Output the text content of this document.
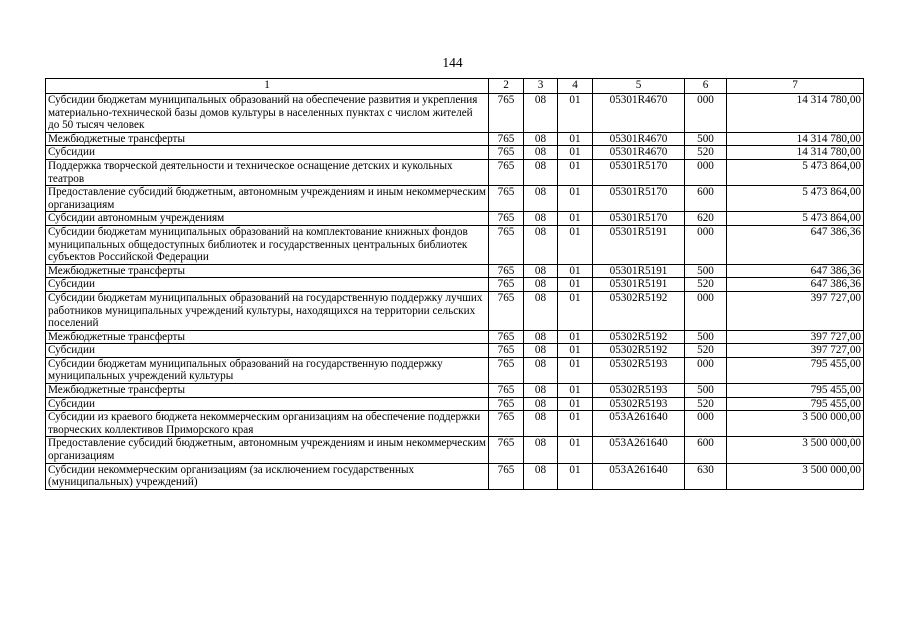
144
1	2	3	4	5	6	7
Субсидии бюджетам муниципальных образований на обеспечение развития и укрепления материально-технической базы домов культуры в населенных пунктах с числом жителей до 50 тысяч человек	765	08	01	05301R4670	000	14 314 780,00
Межбюджетные трансферты	765	08	01	05301R4670	500	14 314 780,00
Субсидии	765	08	01	05301R4670	520	14 314 780,00
Поддержка творческой деятельности и техническое оснащение детских и кукольных театров	765	08	01	05301R5170	000	5 473 864,00
Предоставление субсидий бюджетным, автономным учреждениям и иным некоммерческим организациям	765	08	01	05301R5170	600	5 473 864,00
Субсидии автономным учреждениям	765	08	01	05301R5170	620	5 473 864,00
Субсидии бюджетам муниципальных образований на комплектование книжных фондов муниципальных общедоступных библиотек и государственных центральных библиотек субъектов Российской Федерации	765	08	01	05301R5191	000	647 386,36
Межбюджетные трансферты	765	08	01	05301R5191	500	647 386,36
Субсидии	765	08	01	05301R5191	520	647 386,36
Субсидии бюджетам муниципальных образований на государственную поддержку лучших работников муниципальных учреждений культуры, находящихся на территории сельских поселений	765	08	01	05302R5192	000	397 727,00
Межбюджетные трансферты	765	08	01	05302R5192	500	397 727,00
Субсидии	765	08	01	05302R5192	520	397 727,00
Субсидии бюджетам муниципальных образований на государственную поддержку муниципальных учреждений культуры	765	08	01	05302R5193	000	795 455,00
Межбюджетные трансферты	765	08	01	05302R5193	500	795 455,00
Субсидии	765	08	01	05302R5193	520	795 455,00
Субсидии из краевого бюджета некоммерческим организациям на обеспечение поддержки творческих коллективов Приморского края	765	08	01	053А261640	000	3 500 000,00
Предоставление субсидий бюджетным, автономным учреждениям и иным некоммерческим организациям	765	08	01	053А261640	600	3 500 000,00
Субсидии некоммерческим организациям (за исключением государственных (муниципальных) учреждений)	765	08	01	053А261640	630	3 500 000,00
